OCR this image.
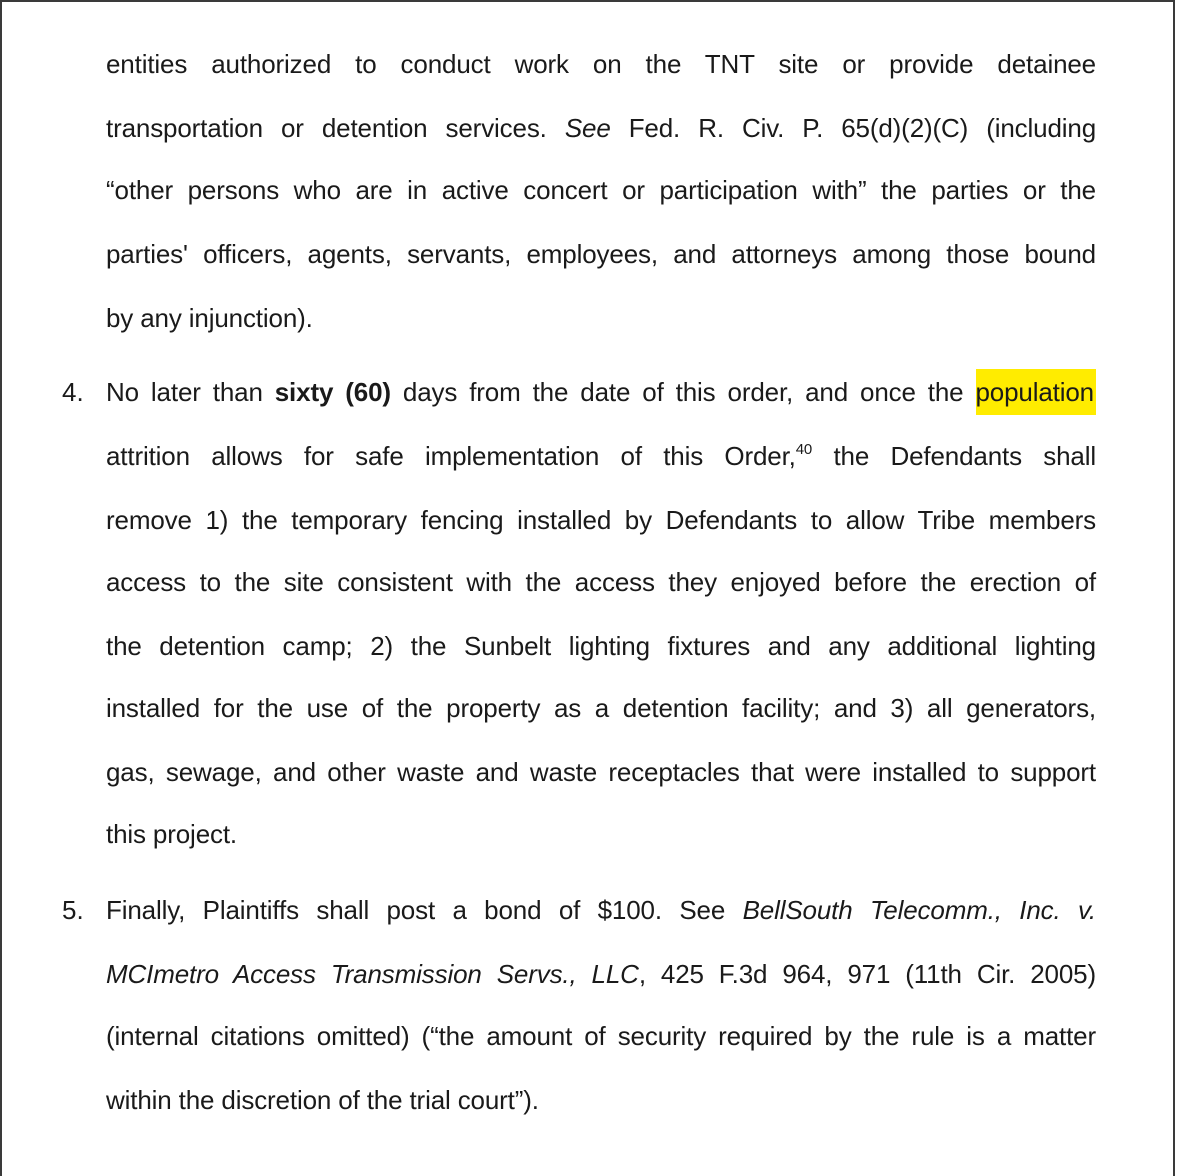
entities authorized to conduct work on the TNT site or provide detainee
transportation or detention services. See Fed. R. Civ. P. 65(d)(2)(C) (including
“other persons who are in active concert or participation with” the parties or the
parties' officers, agents, servants, employees, and attorneys among those bound
by any injunction).
4. No later than sixty (60) days from the date of this order, and once the population
attrition allows for safe implementation of this Order,$^{40}$ the Defendants shall
remove 1) the temporary fencing installed by Defendants to allow Tribe members
access to the site consistent with the access they enjoyed before the erection of
the detention camp; 2) the Sunbelt lighting fixtures and any additional lighting
installed for the use of the property as a detention facility; and 3) all generators,
gas, sewage, and other waste and waste receptacles that were installed to support
this project.
5. Finally, Plaintiffs shall post a bond of $100. See BellSouth Telecomm., Inc. v.
MCImetro Access Transmission Servs., LLC, 425 F.3d 964, 971 (11th Cir. 2005)
(internal citations omitted) (“the amount of security required by the rule is a matter
within the discretion of the trial court”).
